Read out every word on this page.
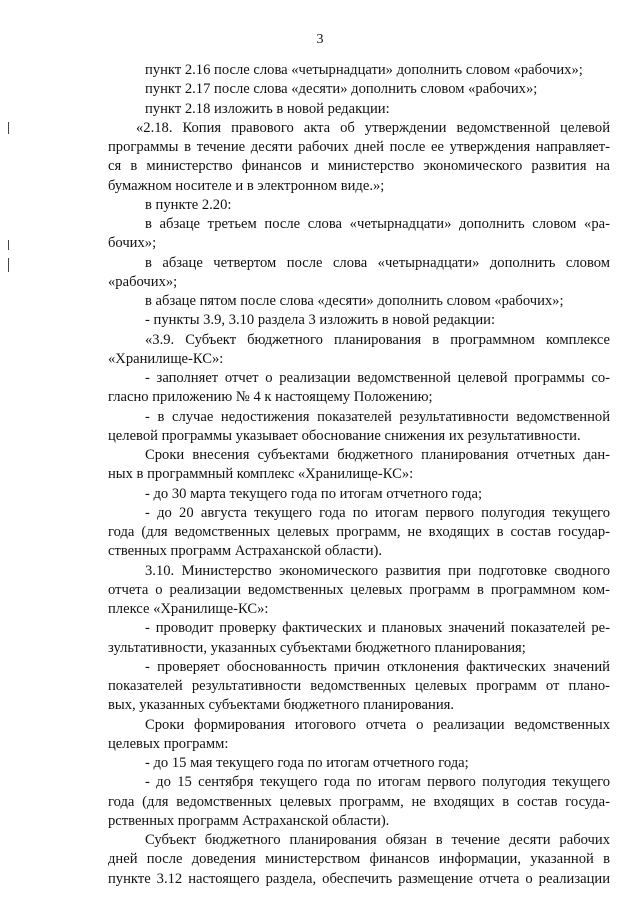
3
пункт 2.16 после слова «четырнадцати» дополнить словом «рабочих»;
пункт 2.17 после слова «десяти» дополнить словом «рабочих»;
пункт 2.18 изложить в новой редакции:
«2.18. Копия правового акта об утверждении ведомственной целевой
программы в течение десяти рабочих дней после ее утверждения направляет-
ся в министерство финансов и министерство экономического развития на
бумажном носителе и в электронном виде.»;
в пункте 2.20:
в абзаце третьем после слова «четырнадцати» дополнить словом «ра-
бочих»;
в абзаце четвертом после слова «четырнадцати» дополнить словом
«рабочих»;
в абзаце пятом после слова «десяти» дополнить словом «рабочих»;
- пункты 3.9, 3.10 раздела 3 изложить в новой редакции:
«3.9. Субъект бюджетного планирования в программном комплексе
«Хранилище-КС»:
- заполняет отчет о реализации ведомственной целевой программы со-
гласно приложению № 4 к настоящему Положению;
- в случае недостижения показателей результативности ведомственной
целевой программы указывает обоснование снижения их результативности.
Сроки внесения субъектами бюджетного планирования отчетных дан-
ных в программный комплекс «Хранилище-КС»:
- до 30 марта текущего года по итогам отчетного года;
- до 20 августа текущего года по итогам первого полугодия текущего
года (для ведомственных целевых программ, не входящих в состав государ-
ственных программ Астраханской области).
3.10. Министерство экономического развития при подготовке сводного
отчета о реализации ведомственных целевых программ в программном ком-
плексе «Хранилище-КС»:
- проводит проверку фактических и плановых значений показателей ре-
зультативности, указанных субъектами бюджетного планирования;
- проверяет обоснованность причин отклонения фактических значений
показателей результативности ведомственных целевых программ от плано-
вых, указанных субъектами бюджетного планирования.
Сроки формирования итогового отчета о реализации ведомственных
целевых программ:
- до 15 мая текущего года по итогам отчетного года;
- до 15 сентября текущего года по итогам первого полугодия текущего
года (для ведомственных целевых программ, не входящих в состав госуда-
рственных программ Астраханской области).
Субъект бюджетного планирования обязан в течение десяти рабочих
дней после доведения министерством финансов информации, указанной в
пункте 3.12 настоящего раздела, обеспечить размещение отчета о реализации
